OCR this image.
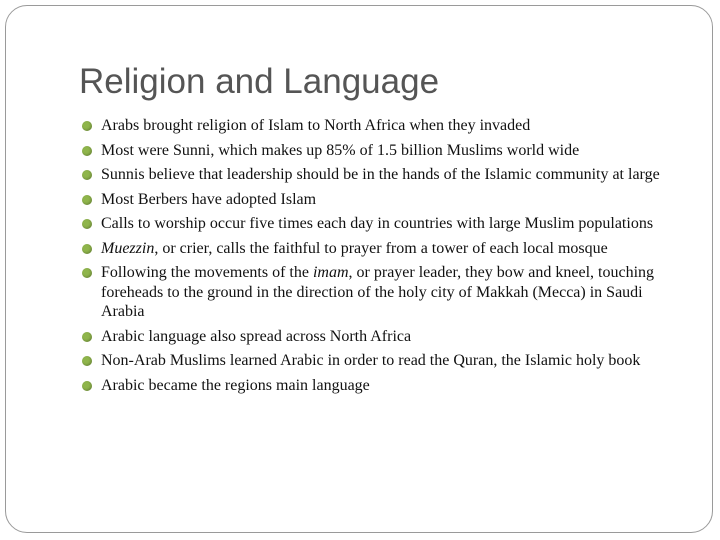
Religion and Language
Arabs brought religion of Islam to North Africa when they invaded
Most were Sunni, which makes up 85% of 1.5 billion Muslims world wide
Sunnis believe that leadership should be in the hands of the Islamic community at large
Most Berbers have adopted Islam
Calls to worship occur five times each day in countries with large Muslim populations
Muezzin, or crier, calls the faithful to prayer from a tower of each local mosque
Following the movements of the imam, or prayer leader, they bow and kneel, touching foreheads to the ground in the direction of the holy city of Makkah (Mecca) in Saudi Arabia
Arabic language also spread across North Africa
Non-Arab Muslims learned Arabic in order to read the Quran, the Islamic holy book
Arabic became the regions main language
